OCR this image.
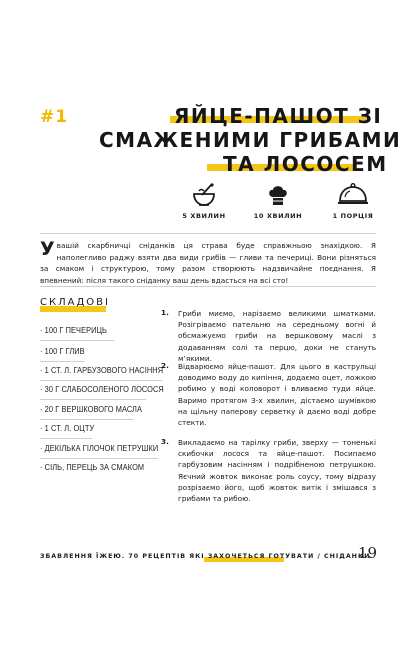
#1	ЯЙЦЕ-ПАШОТ ЗІ
СМАЖЕНИМИ ГРИБАМИ
ТА ЛОСОСЕМ
5 ХВИЛИН	10 ХВИЛИН	1 ПОРЦІЯ
У вашій скарбничці сніданків ця страва буде справжньою знахідкою. Я наполегливо раджу взяти два види грибів — гливи та печериці. Вони різняться за смаком і структурою, тому разом створюють надзвичайне поєднання. Я впевнений: після такого сніданку ваш день вдасться на всі сто!
СКЛАДОВІ
· 100 Г ПЕЧЕРИЦЬ
· 100 Г ГЛИВ
· 1 СТ. Л. ГАРБУЗОВОГО НАСІННЯ
· 30 Г СЛАБОСОЛЕНОГО ЛОСОСЯ
· 20 Г ВЕРШКОВОГО МАСЛА
· 1 СТ. Л. ОЦТУ
· ДЕКІЛЬКА ГІЛОЧОК ПЕТРУШКИ
· СІЛЬ, ПЕРЕЦЬ ЗА СМАКОМ
1. Гриби миємо, нарізаємо великими шматками. Розігріваємо пательню на середньому вогні й обсмажуємо гриби на вершковому маслі з додаванням солі та перцю, доки не стануть м’якими.
2. Відварюємо яйце-пашот. Для цього в каструльці доводимо воду до кипіння, додаємо оцет, ложкою робимо у воді коловорот і вливаємо туди яйце. Варимо протягом 3-х хвилин, дістаємо шумівкою на щільну паперову серветку й даємо воді добре стекти.
3. Викладаємо на тарілку гриби, зверху — тоненькі скибочки лосося та яйце-пашот. Посипаємо гарбузовим насінням і подрібненою петрушкою. Яєчний жовток виконає роль соусу, тому відразу розрізаємо його, щоб жовток витік і змішався з грибами та рибою.
ЗБАВЛЕННЯ ЇЖЕЮ. 70 РЕЦЕПТІВ ЯКІ ЗАХОЧЕТЬСЯ ГОТУВАТИ / СНІДАНКИ
19
